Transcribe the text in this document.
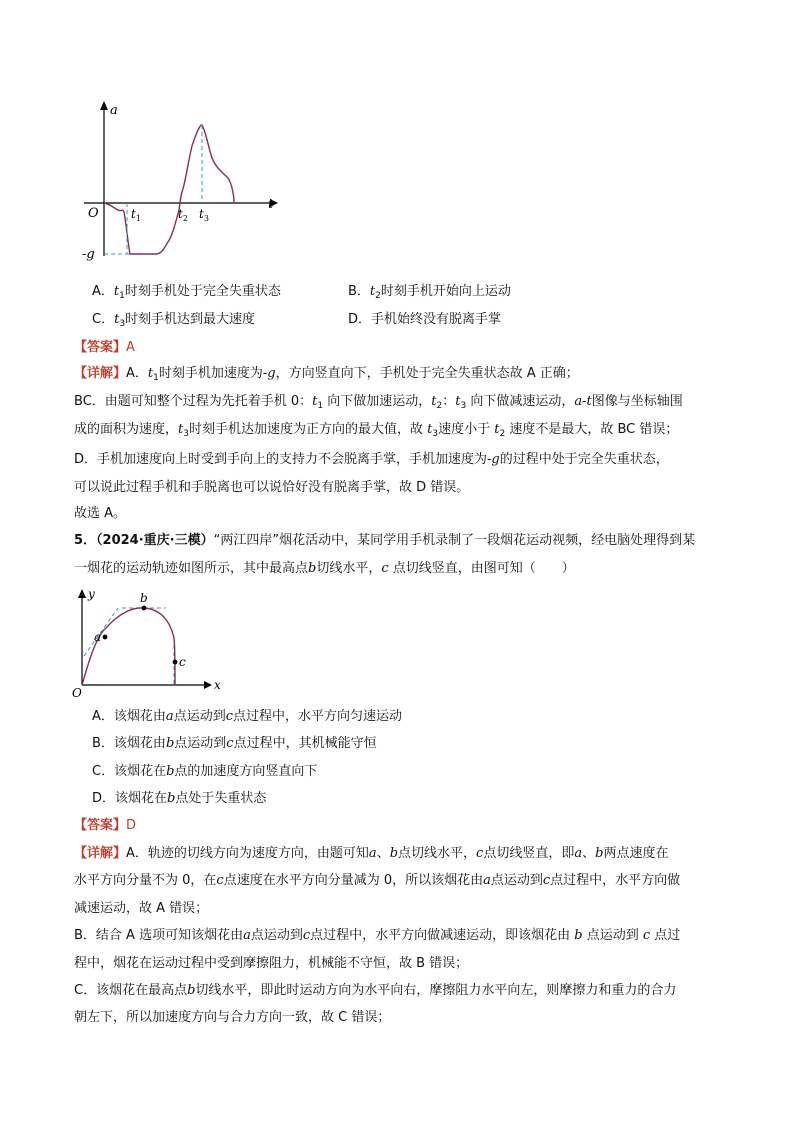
a
t
O
-g
$t_1$	$t_2$ $t_3$
A．$t_1$时刻手机处于完全失重状态	B．$t_2$时刻手机开始向上运动
C．$t_3$时刻手机达到最大速度	D．手机始终没有脱离手掌
【答案】A
【详解】A．$t_1$时刻手机加速度为-g，方向竖直向下，手机处于完全失重状态故 A 正确；
BC．由题可知整个过程为先托着手机 0：$t_1$ 向下做加速运动，$t_2$：$t_3$ 向下做减速运动，a-t图像与坐标轴围
成的面积为速度，$t_3$时刻手机达加速度为正方向的最大值，故 $t_3$速度小于 $t_2$ 速度不是最大，故 BC 错误；
D．手机加速度向上时受到手向上的支持力不会脱离手掌，手机加速度为-g的过程中处于完全失重状态，
可以说此过程手机和手脱离也可以说恰好没有脱离手掌，故 D 错误。
故选 A。
5．（2024·重庆·三模）“两江四岸”烟花活动中，某同学用手机录制了一段烟花运动视频，经电脑处理得到某
一烟花的运动轨迹如图所示，其中最高点b切线水平，c 点切线竖直，由图可知（　　）
y
x
O
a
b
c
A．该烟花由a点运动到c点过程中，水平方向匀速运动
B．该烟花由b点运动到c点过程中，其机械能守恒
C．该烟花在b点的加速度方向竖直向下
D．该烟花在b点处于失重状态
【答案】D
【详解】A．轨迹的切线方向为速度方向，由题可知a、b点切线水平，c点切线竖直，即a、b两点速度在
水平方向分量不为 0，在c点速度在水平方向分量减为 0，所以该烟花由a点运动到c点过程中，水平方向做
减速运动，故 A 错误；
B．结合 A 选项可知该烟花由a点运动到c点过程中，水平方向做减速运动，即该烟花由 b 点运动到 c 点过
程中，烟花在运动过程中受到摩擦阻力，机械能不守恒，故 B 错误；
C．该烟花在最高点b切线水平，即此时运动方向为水平向右，摩擦阻力水平向左，则摩擦力和重力的合力
朝左下，所以加速度方向与合力方向一致，故 C 错误；
